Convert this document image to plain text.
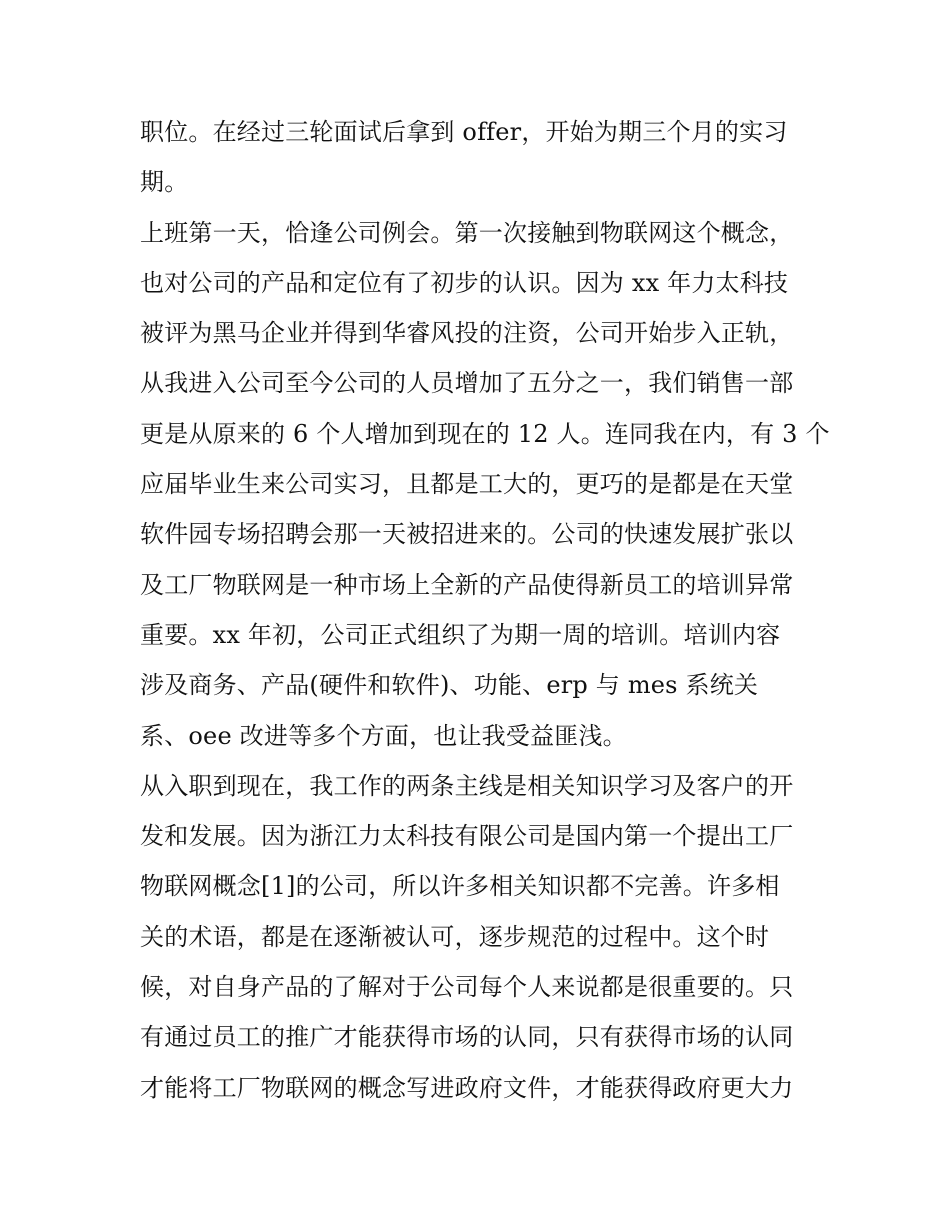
职位。在经过三轮面试后拿到 offer，开始为期三个月的实习
期。
上班第一天，恰逢公司例会。第一次接触到物联网这个概念，
也对公司的产品和定位有了初步的认识。因为 xx 年力太科技
被评为黑马企业并得到华睿风投的注资，公司开始步入正轨，
从我进入公司至今公司的人员增加了五分之一，我们销售一部
更是从原来的 6 个人增加到现在的 12 人。连同我在内，有 3 个
应届毕业生来公司实习，且都是工大的，更巧的是都是在天堂
软件园专场招聘会那一天被招进来的。公司的快速发展扩张以
及工厂物联网是一种市场上全新的产品使得新员工的培训异常
重要。xx 年初，公司正式组织了为期一周的培训。培训内容
涉及商务、产品(硬件和软件)、功能、erp 与 mes 系统关
系、oee 改进等多个方面，也让我受益匪浅。
从入职到现在，我工作的两条主线是相关知识学习及客户的开
发和发展。因为浙江力太科技有限公司是国内第一个提出工厂
物联网概念[1]的公司，所以许多相关知识都不完善。许多相
关的术语，都是在逐渐被认可，逐步规范的过程中。这个时
候，对自身产品的了解对于公司每个人来说都是很重要的。只
有通过员工的推广才能获得市场的认同，只有获得市场的认同
才能将工厂物联网的概念写进政府文件，才能获得政府更大力
